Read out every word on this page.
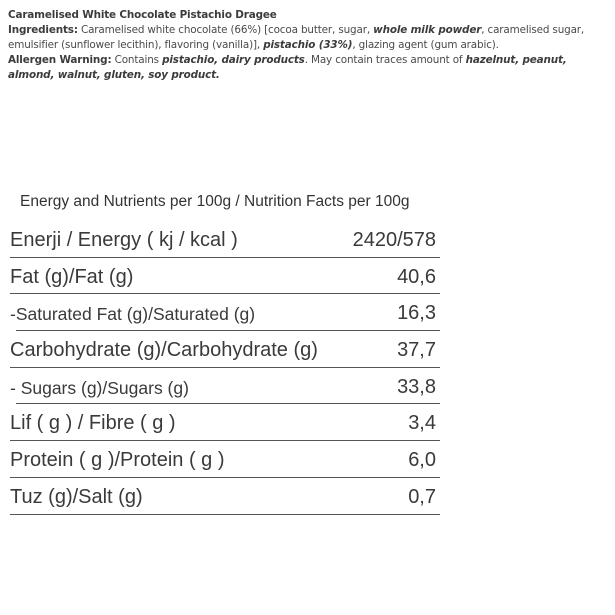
Caramelised White Chocolate Pistachio Dragee
Ingredients: Caramelised white chocolate (66%) [cocoa butter, sugar, whole milk powder, caramelised sugar, emulsifier (sunflower lecithin), flavoring (vanilla)], pistachio (33%), glazing agent (gum arabic).
Allergen Warning: Contains pistachio, dairy products. May contain traces amount of hazelnut, peanut, almond, walnut, gluten, soy product.
Energy and Nutrients per 100g / Nutrition Facts per 100g
Enerji / Energy ( kj / kcal )	2420/578
Fat (g)/Fat (g)	40,6
-Saturated Fat (g)/Saturated (g)	16,3
Carbohydrate (g)/Carbohydrate (g)	37,7
- Sugars (g)/Sugars (g)	33,8
Lif ( g ) / Fibre ( g )	3,4
Protein ( g )/Protein ( g )	6,0
Tuz (g)/Salt (g)	0,7
